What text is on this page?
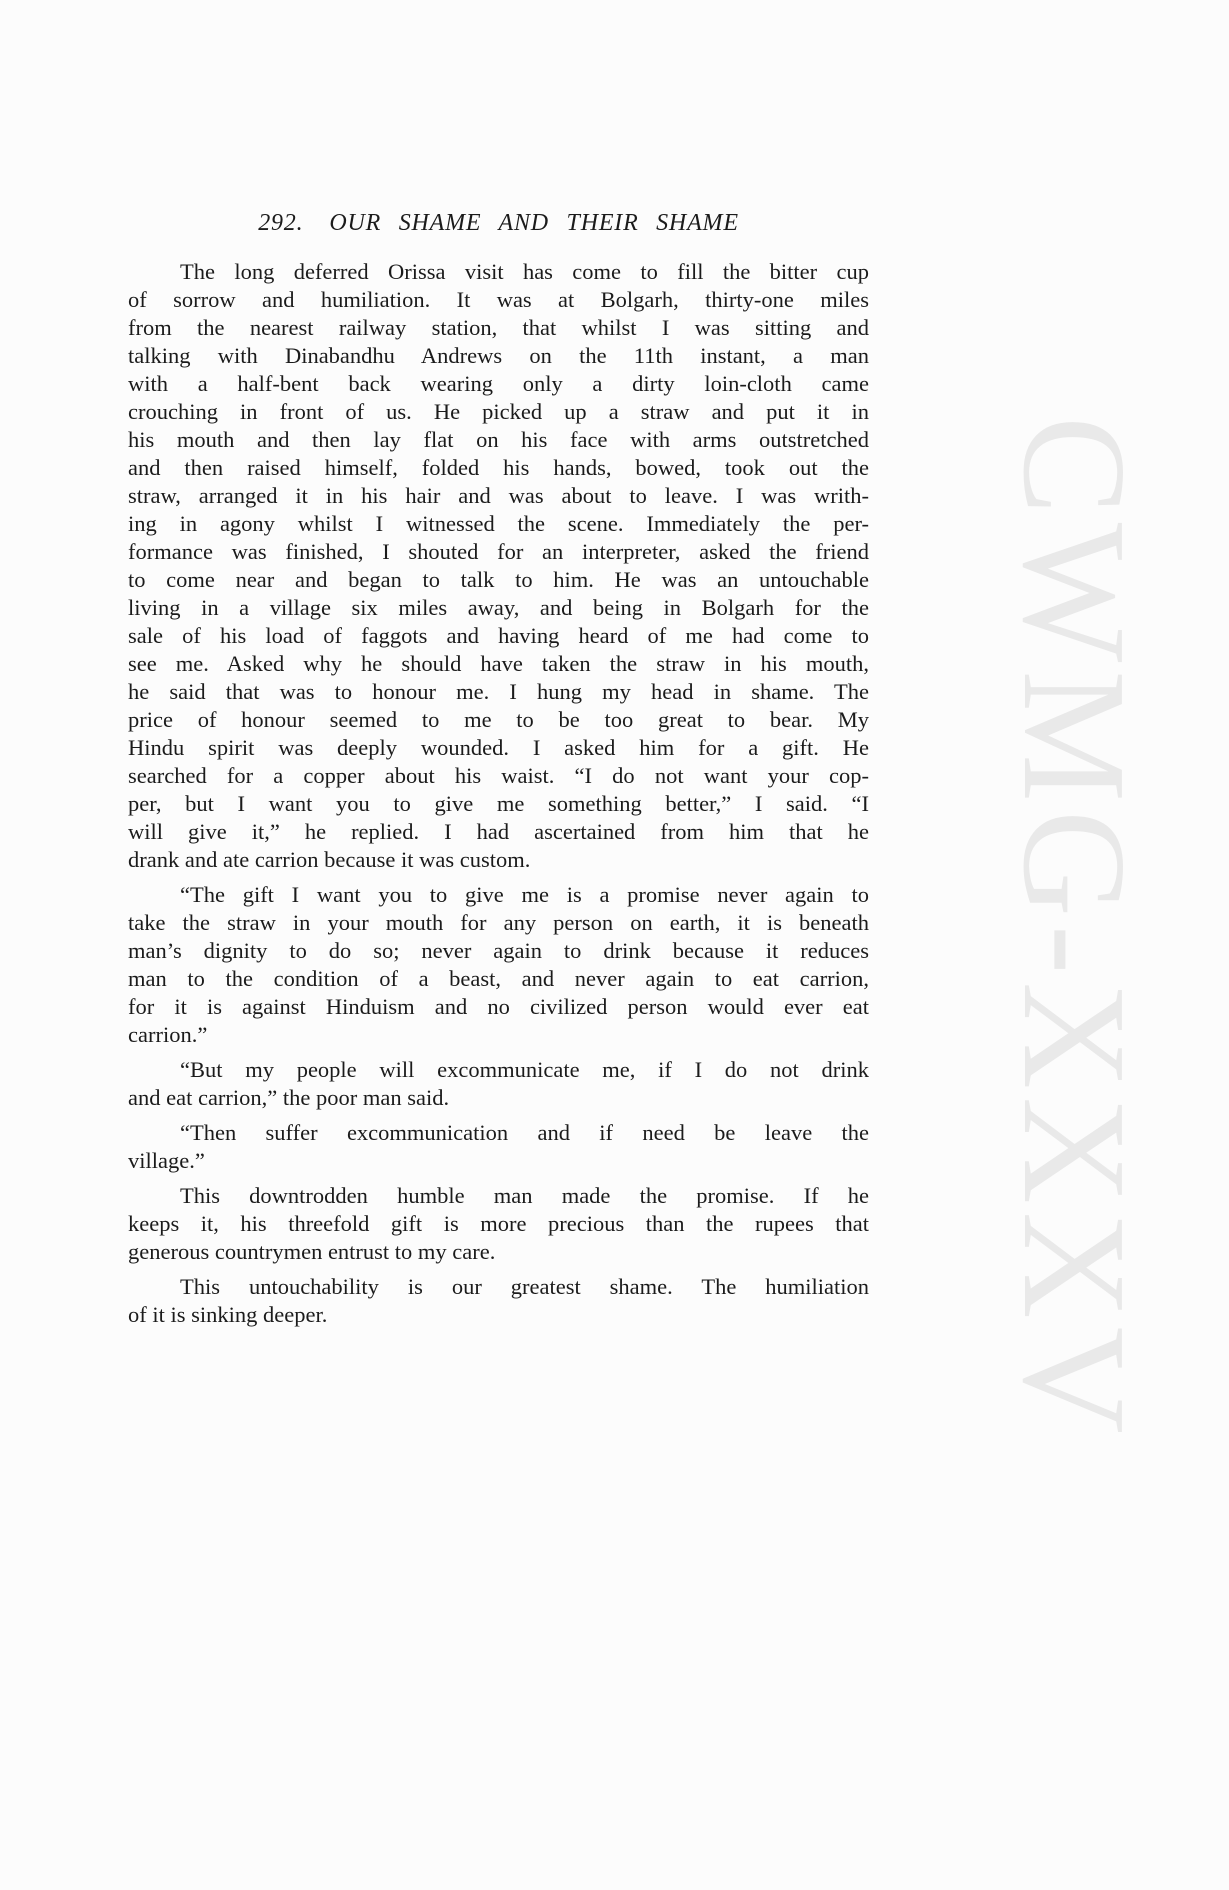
292. OUR SHAME AND THEIR SHAME
The long deferred Orissa visit has come to fill the bitter cup
of sorrow and humiliation. It was at Bolgarh, thirty-one miles
from the nearest railway station, that whilst I was sitting and
talking with Dinabandhu Andrews on the 11th instant, a man
with a half-bent back wearing only a dirty loin-cloth came
crouching in front of us. He picked up a straw and put it in
his mouth and then lay flat on his face with arms outstretched
and then raised himself, folded his hands, bowed, took out the
straw, arranged it in his hair and was about to leave. I was writh-
ing in agony whilst I witnessed the scene. Immediately the per-
formance was finished, I shouted for an interpreter, asked the friend
to come near and began to talk to him. He was an untouchable
living in a village six miles away, and being in Bolgarh for the
sale of his load of faggots and having heard of me had come to
see me. Asked why he should have taken the straw in his mouth,
he said that was to honour me. I hung my head in shame. The
price of honour seemed to me to be too great to bear. My
Hindu spirit was deeply wounded. I asked him for a gift. He
searched for a copper about his waist. “I do not want your cop-
per, but I want you to give me something better,” I said. “I
will give it,” he replied. I had ascertained from him that he
drank and ate carrion because it was custom.
“The gift I want you to give me is a promise never again to
take the straw in your mouth for any person on earth, it is beneath
man’s dignity to do so; never again to drink because it reduces
man to the condition of a beast, and never again to eat carrion,
for it is against Hinduism and no civilized person would ever eat
carrion.”
“But my people will excommunicate me, if I do not drink
and eat carrion,” the poor man said.
“Then suffer excommunication and if need be leave the
village.”
This downtrodden humble man made the promise. If he
keeps it, his threefold gift is more precious than the rupees that
generous countrymen entrust to my care.
This untouchability is our greatest shame. The humiliation
of it is sinking deeper.	CWMG-XXXV
